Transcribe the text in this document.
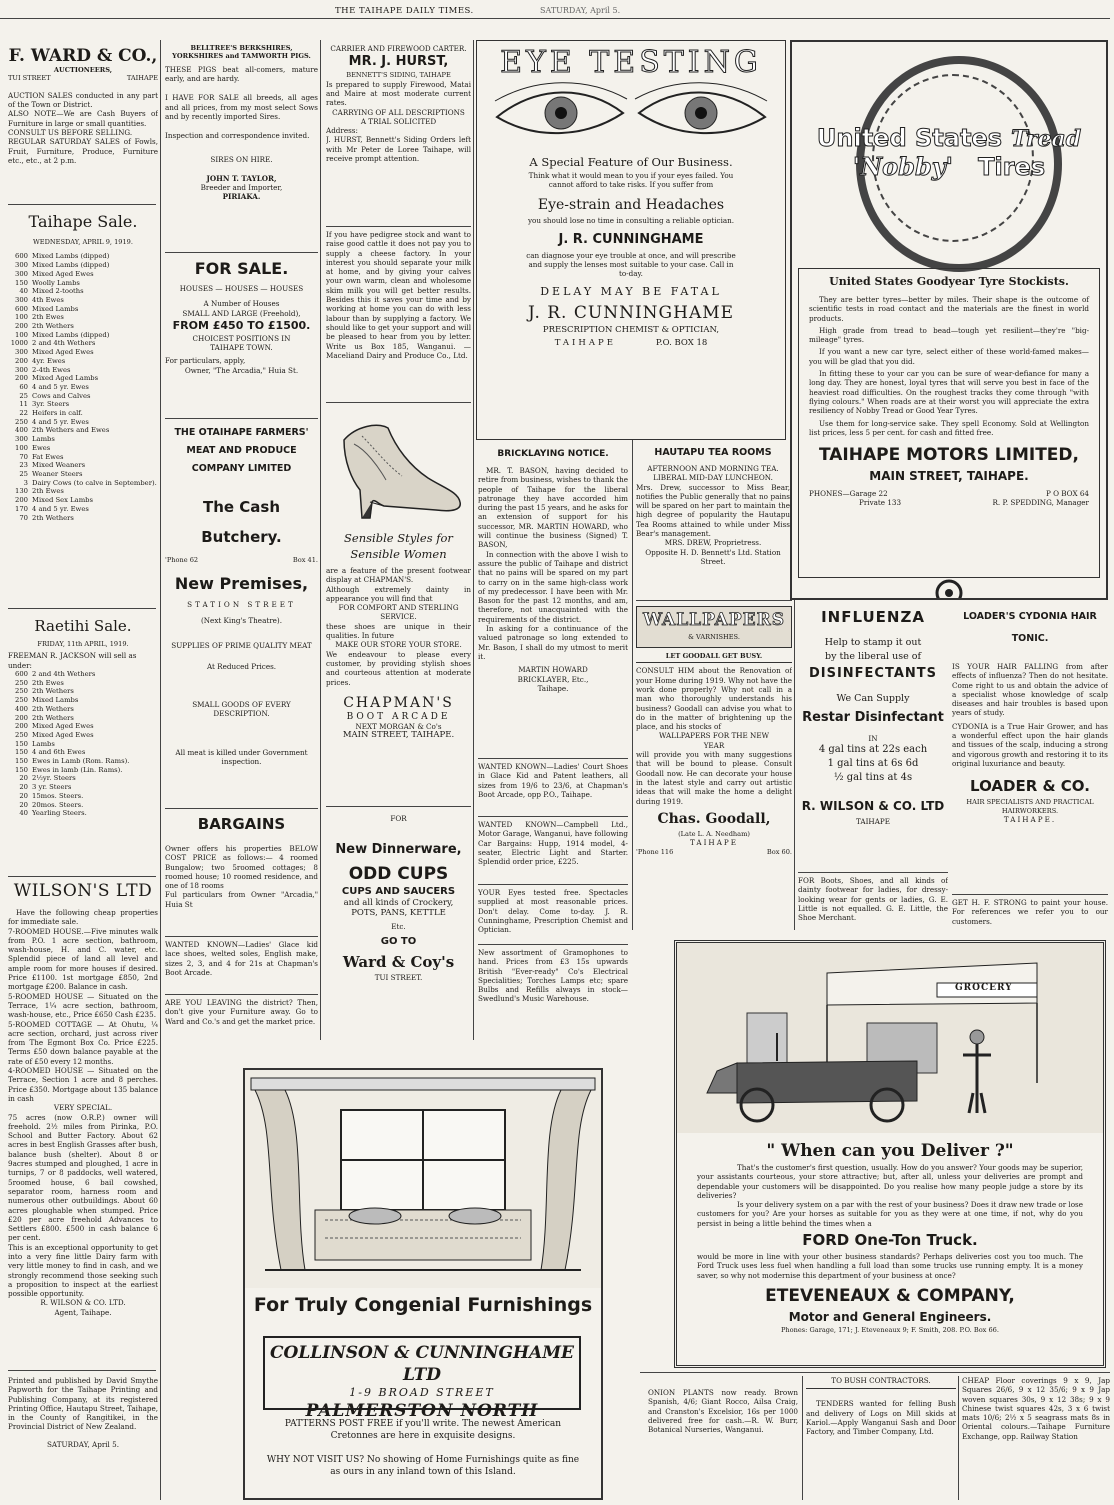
THE TAIHAPE DAILY TIMES.	SATURDAY, April 5.
F. WARD & CO.,
AUCTIONEERS,
TUI STREET	TAIHAPE

AUCTION SALES conducted in any part of the Town or District.

ALSO NOTE—We are Cash Buyers of Furniture in large or small quantities.

CONSULT US BEFORE SELLING.

REGULAR SATURDAY SALES of Fowls, Fruit, Furniture, Produce, Furniture etc., etc., at 2 p.m.

Taihape Sale.
WEDNESDAY, APRIL 9, 1919.
600 Mixed Lambs (dipped)
300 Mixed Lambs (dipped)
300 Mixed Aged Ewes
150 Woolly Lambs
40 Mixed 2-tooths
300 4th Ewes
600 Mixed Lambs
100 2th Ewes
200 2th Wethers
100 Mixed Lambs (dipped)
1000 2 and 4th Wethers
300 Mixed Aged Ewes
200 4yr. Ewes
300 2-4th Ewes
200 Mixed Aged Lambs
60 4 and 5 yr. Ewes
25 Cows and Calves
11 3yr. Steers
22 Heifers in calf.
250 4 and 5 yr. Ewes
400 2th Wethers and Ewes
300 Lambs
100 Ewes
70 Fat Ewes
23 Mixed Weaners
25 Weaner Steers
3 Dairy Cows (to calve in September).
130 2th Ewes
200 Mixed Sex Lambs
170 4 and 5 yr. Ewes
70 2th Wethers
Raetihi Sale.
FRIDAY, 11th APRIL, 1919.

FREEMAN R. JACKSON will sell as under:

600 2 and 4th Wethers
250 2th Ewes
250 2th Wethers
250 Mixed Lambs
400 2th Wethers
200 2th Wethers
200 Mixed Aged Ewes
250 Mixed Aged Ewes
150 Lambs
150 4 and 6th Ewes
150 Ewes in Lamb (Rom. Rams).
150 Ewes in lamb (Lin. Rams).
20 2½yr. Steers
20 3 yr. Steers
20 15mos. Steers.
20 20mos. Steers.
40 Yearling Steers.
WILSON'S LTD

Have the following cheap properties for immediate sale.

7-ROOMED HOUSE.—Five minutes walk from P.O. 1 acre section, bathroom, wash-house, H. and C. water, etc. Splendid piece of land all level and ample room for more houses if desired. Price £1100. 1st mortgage £850, 2nd mortgage £200. Balance in cash.

5-ROOMED HOUSE — Situated on the Terrace, 1¼ acre section, bathroom, wash-house, etc., Price £650 Cash £235.

5-ROOMED COTTAGE — At Ohutu, ¼ acre section, orchard, just across river from The Egmont Box Co. Price £225. Terms £50 down balance payable at the rate of £50 every 12 months.

4-ROOMED HOUSE — Situated on the Terrace, Section 1 acre and 8 perches. Price £350. Mortgage about 135 balance in cash

VERY SPECIAL.

75 acres (now O.R.P.) owner will freehold. 2½ miles from Pirinka, P.O. School and Butter Factory. About 62 acres in best English Grasses after bush, balance bush (shelter). About 8 or 9acres stumped and ploughed, 1 acre in turnips, 7 or 8 paddocks, well watered, 5roomed house, 6 bail cowshed, separator room, harness room and numerous other outbuildings. About 60 acres ploughable when stumped. Price £20 per acre freehold Advances to Settlers £800. £500 in cash balance 6 per cent.

This is an exceptional opportunity to get into a very fine little Dairy farm with very little money to find in cash, and we strongly recommend those seeking such a proposition to inspect at the earliest possible opportunity.

R. WILSON & CO. LTD.

Agent, Taihape.

Printed and published by David Smythe Papworth for the Taihape Printing and Publishing Company, at its registered Printing Office, Hautapu Street, Taihape, in the County of Rangitikei, in the Provincial District of New Zealand.

SATURDAY, April 5.

BELLTREE'S BERKSHIRES, YORKSHIRES and TAMWORTH PIGS.

THESE PIGS beat all-comers, mature early, and are hardy.

I HAVE FOR SALE all breeds, all ages and all prices, from my most select Sows and by recently imported Sires.

Inspection and correspondence invited.

SIRES ON HIRE.

JOHN T. TAYLOR,

Breeder and Importer,

PIRIAKA.

FOR SALE.

HOUSES — HOUSES — HOUSES

A Number of Houses

SMALL AND LARGE (Freehold),

FROM £450 TO £1500.

CHOICEST POSITIONS IN

TAIHAPE TOWN.

For particulars, apply,

Owner, "The Arcadia," Huia St.

THE OTAIHAPE FARMERS'
MEAT AND PRODUCE
COMPANY LIMITED
The Cash Butchery.
'Phone 62	Box 41.
New Premises,

STATION STREET

(Next King's Theatre).

SUPPLIES OF PRIME QUALITY MEAT

At Reduced Prices.

SMALL GOODS OF EVERY DESCRIPTION.

All meat is killed under Government inspection.

BARGAINS

Owner offers his properties BELOW COST PRICE as follows:— 4 roomed Bungalow; two 5roomed cottages; 8 roomed house; 10 roomed residence, and one of 18 rooms

Ful particulars from Owner "Arcadia," Huia St

WANTED KNOWN—Ladies' Glace kid lace shoes, welted soles, English make, sizes 2, 3, and 4 for 21s at Chapman's Boot Arcade.

ARE YOU LEAVING the district? Then, don't give your Furniture away. Go to Ward and Co.'s and get the market price.

CARRIER AND FIREWOOD CARTER.

MR. J. HURST,

BENNETT'S SIDING, TAIHAPE

Is prepared to supply Firewood, Matai and Maire at most moderate current rates.

CARRYING OF ALL DESCRIPTIONS

A TRIAL SOLICITED

Address:

J. HURST, Bennett's Siding Orders left with Mr Peter de Loree Taihape, will receive prompt attention.

If you have pedigree stock and want to raise good cattle it does not pay you to supply a cheese factory. In your interest you should separate your milk at home, and by giving your calves your own warm, clean and wholesome skim milk you will get better results. Besides this it saves your time and by working at home you can do with less labour than by supplying a factory. We should like to get your support and will be pleased to hear from you by letter. Write us Box 185, Wanganui. —Maceliand Dairy and Produce Co., Ltd.

Sensible Styles for
Sensible Women

are a feature of the present footwear display at CHAPMAN'S.

Although extremely dainty in appearance you will find that

FOR COMFORT AND STERLING SERVICE.

these shoes are unique in their qualities. In future

MAKE OUR STORE YOUR STORE.

We endeavour to please every customer, by providing stylish shoes and courteous attention at moderate prices.

CHAPMAN'S

BOOT ARCADE

NEXT MORGAN & Co's

MAIN STREET, TAIHAPE.

FOR

New Dinnerware,
ODD CUPS
CUPS AND SAUCERS

and all kinds of Crockery,

POTS, PANS, KETTLE

Etc.

GO TO
Ward & Coy's

TUI STREET.

EYE TESTING
A Special Feature of Our Business.

Think what it would mean to you if your eyes failed. You cannot afford to take risks. If you suffer from

Eye-strain and Headaches

you should lose no time in consulting a reliable optician.

J. R. CUNNINGHAME

can diagnose your eye trouble at once, and will prescribe and supply the lenses most suitable to your case. Call in to-day.

DELAY MAY BE FATAL
J. R. CUNNINGHAME

PRESCRIPTION CHEMIST & OPTICIAN,

TAIHAPE	P.O. BOX 18
BRICKLAYING NOTICE.

MR. T. BASON, having decided to retire from business, wishes to thank the people of Taihape for the liberal patronage they have accorded him during the past 15 years, and he asks for an extension of support for his successor, MR. MARTIN HOWARD, who will continue the business (Signed) T. BASON,

In connection with the above I wish to assure the public of Taihape and district that no pains will be spared on my part to carry on in the same high-class work of my predecessor. I have been with Mr. Bason for the past 12 months, and am, therefore, not unacquainted with the requirements of the district.

In asking for a continuance of the valued patronage so long extended to Mr. Bason, I shall do my utmost to merit it.

MARTIN HOWARD

BRICKLAYER, Etc.,

Taihape.

WANTED KNOWN—Ladies' Court Shoes in Glace Kid and Patent leathers, all sizes from 19/6 to 23/6, at Chapman's Boot Arcade, opp P.O., Taihape.

WANTED KNOWN—Campbell Ltd., Motor Garage, Wanganui, have following Car Bargains: Hupp, 1914 model, 4-seater, Electric Light and Starter. Splendid order price, £225.

YOUR Eyes tested free. Spectacles supplied at most reasonable prices. Don't delay. Come to-day. J. R. Cunninghame, Prescription Chemist and Optician.

New assortment of Gramophones to hand. Prices from £3 15s upwards British "Ever-ready" Co's Electrical Specialities; Torches Lamps etc; spare Bulbs and Refills always in stock—Swedlund's Music Warehouse.

HAUTAPU TEA ROOMS

AFTERNOON AND MORNING TEA.

LIBERAL MID-DAY LUNCHEON.

Mrs. Drew, successor to Miss Bear, notifies the Public generally that no pains will be spared on her part to maintain the high degree of popularity the Hautapu Tea Rooms attained to while under Miss Bear's management.

MRS. DREW, Proprietress.

Opposite H. D. Bennett's Ltd. Station Street.

WALLPAPERS
& VARNISHES.
LET GOODALL GET BUSY.

CONSULT HIM about the Renovation of your Home during 1919. Why not have the work done properly? Why not call in a man who thoroughly understands his business? Goodall can advise you what to do in the matter of brightening up the place, and his stocks of

WALLPAPERS FOR THE NEW YEAR

will provide you with many suggestions that will be bound to please. Consult Goodall now. He can decorate your house in the latest style and carry out artistic ideas that will make the home a delight during 1919.

Chas. Goodall,

(Late L. A. Needham)

TAIHAPE

'Phone 116	Box 60.
United States Tread
'Nobby' Tires
United States Goodyear Tyre Stockists.

They are better tyres—better by miles. Their shape is the outcome of scientific tests in road contact and the materials are the finest in world products.

High grade from tread to bead—tough yet resilient—they're "big-mileage" tyres.

If you want a new car tyre, select either of these world-famed makes—you will be glad that you did.

In fitting these to your car you can be sure of wear-defiance for many a long day. They are honest, loyal tyres that will serve you best in face of the heaviest road difficulties. On the roughest tracks they come through "with flying colours." When roads are at their worst you will appreciate the extra resiliency of Nobby Tread or Good Year Tyres.

Use them for long-service sake. They spell Economy. Sold at Wellington list prices, less 5 per cent. for cash and fitted free.

TAIHAPE MOTORS LIMITED,
MAIN STREET, TAIHAPE.
PHONES—Garage 22	P O BOX 64
Private 133	R. P. SPEDDING, Manager
INFLUENZA
Help to stamp it out
by the liberal use of
DISINFECTANTS
We Can Supply
Restar Disinfectant
IN
4 gal tins at 22s each
1 gal tins at 6s 6d
½ gal tins at 4s
R. WILSON & CO. LTD
TAIHAPE

FOR Boots, Shoes, and all kinds of dainty footwear for ladies, for dressy-looking wear for gents or ladies, G. E. Little is not equalled. G. E. Little, the Shoe Merchant.

LOADER'S CYDONIA HAIR TONIC.

IS YOUR HAIR FALLING from after effects of influenza? Then do not hesitate. Come right to us and obtain the advice of a specialist whose knowledge of scalp diseases and hair troubles is based upon years of study.

CYDONIA is a True Hair Grower, and has a wonderful effect upon the hair glands and tissues of the scalp, inducing a strong and vigorous growth and restoring it to its original luxuriance and beauty.

LOADER & CO.

HAIR SPECIALISTS AND PRACTICAL HAIRWORKERS.

TAIHAPE.

GET H. F. STRONG to paint your house. For references we refer you to our customers.

GROCERY
" When can you Deliver ?"

That's the customer's first question, usually. How do you answer? Your goods may be superior, your assistants courteous, your store attractive; but, after all, unless your deliveries are prompt and dependable your customers will be disappointed. Do you realise how many people judge a store by its deliveries?

Is your delivery system on a par with the rest of your business? Does it draw new trade or lose customers for you? Are your horses as suitable for you as they were at one time, if not, why do you persist in being a little behind the times when a

FORD One-Ton Truck.

would be more in line with your other business standards? Perhaps deliveries cost you too much. The Ford Truck uses less fuel when handling a full load than some trucks use running empty. It is a money saver, so why not modernise this department of your business at once?

ETEVENEAUX & COMPANY,
Motor and General Engineers.

Phones: Garage, 171; J. Eteveneaux 9; F. Smith, 208. P.O. Box 66.

For Truly Congenial Furnishings
COLLINSON & CUNNINGHAME LTD
1-9 BROAD STREET
PALMERSTON NORTH

PATTERNS POST FREE if you'll write. The newest American Cretonnes are here in exquisite designs.

WHY NOT VISIT US? No showing of Home Furnishings quite as fine as ours in any inland town of this Island.

ONION PLANTS now ready. Brown Spanish, 4/6; Giant Rocco, Ailsa Craig, and Cranston's Excelsior, 16s per 1000 delivered free for cash.—R. W. Burr, Botanical Nurseries, Wanganui.

TO BUSH CONTRACTORS.

TENDERS wanted for felling Bush and delivery of Logs on Mill skids at Kariol.—Apply Wanganui Sash and Door Factory, and Timber Company, Ltd.

CHEAP Floor coverings 9 x 9, Jap Squares 26/6, 9 x 12 35/6; 9 x 9 Jap woven squares 30s, 9 x 12 38s; 9 x 9 Chinese twist squares 42s, 3 x 6 twist mats 10/6; 2½ x 5 seagrass mats 8s in Oriental colours.—Taihape Furniture Exchange, opp. Railway Station
